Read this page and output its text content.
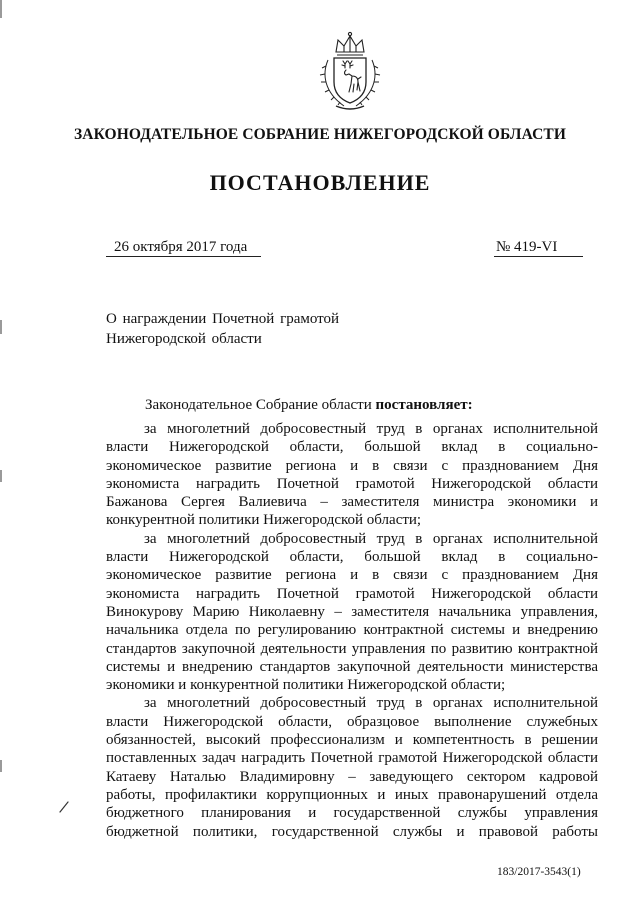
ЗАКОНОДАТЕЛЬНОЕ СОБРАНИЕ НИЖЕГОРОДСКОЙ ОБЛАСТИ
ПОСТАНОВЛЕНИЕ
26 октября 2017 года	№ 419-VI
О награждении Почетной грамотой
Нижегородской области
Законодательное Собрание области постановляет:
за многолетний добросовестный труд в органах исполнительной
власти Нижегородской области, большой вклад в социально-
экономическое развитие региона и в связи с празднованием Дня
экономиста наградить Почетной грамотой Нижегородской области
Бажанова Сергея Валиевича – заместителя министра экономики и
конкурентной политики Нижегородской области;
за многолетний добросовестный труд в органах исполнительной
власти Нижегородской области, большой вклад в социально-
экономическое развитие региона и в связи с празднованием Дня
экономиста наградить Почетной грамотой Нижегородской области
Винокурову Марию Николаевну – заместителя начальника управления,
начальника отдела по регулированию контрактной системы и внедрению
стандартов закупочной деятельности управления по развитию контрактной
системы и внедрению стандартов закупочной деятельности министерства
экономики и конкурентной политики Нижегородской области;
за многолетний добросовестный труд в органах исполнительной
власти Нижегородской области, образцовое выполнение служебных
обязанностей, высокий профессионализм и компетентность в решении
поставленных задач наградить Почетной грамотой Нижегородской области
Катаеву Наталью Владимировну – заведующего сектором кадровой
работы, профилактики коррупционных и иных правонарушений отдела
бюджетного планирования и государственной службы управления
бюджетной политики, государственной службы и правовой работы
183/2017-3543(1)
